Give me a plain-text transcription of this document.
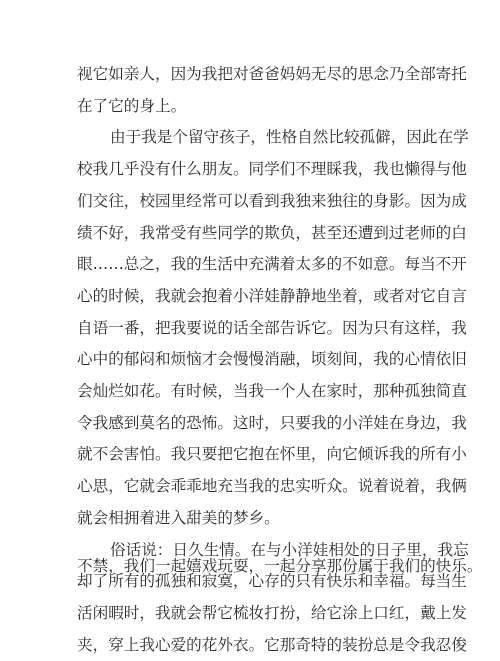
视它如亲人，因为我把对爸爸妈妈无尽的思念乃全部寄托
在了它的身上。
由于我是个留守孩子，性格自然比较孤僻，因此在学
校我几乎没有什么朋友。同学们不理睬我，我也懒得与他
们交往，校园里经常可以看到我独来独往的身影。因为成
绩不好，我常受有些同学的欺负，甚至还遭到过老师的白
眼……总之，我的生活中充满着太多的不如意。每当不开
心的时候，我就会抱着小洋娃静静地坐着，或者对它自言
自语一番，把我要说的话全部告诉它。因为只有这样，我
心中的郁闷和烦恼才会慢慢消融，顷刻间，我的心情依旧
会灿烂如花。有时候，当我一个人在家时，那种孤独简直
令我感到莫名的恐怖。这时，只要我的小洋娃在身边，我
就不会害怕。我只要把它抱在怀里，向它倾诉我的所有小
心思，它就会乖乖地充当我的忠实听众。说着说着，我俩
就会相拥着进入甜美的梦乡。
俗话说：日久生情。在与小洋娃相处的日子里，我忘
却了所有的孤独和寂寞，心存的只有快乐和幸福。每当生
活闲暇时，我就会帮它梳妆打扮，给它涂上口红，戴上发
夹，穿上我心爱的花外衣。它那奇特的装扮总是令我忍俊
不禁，我们一起嬉戏玩耍，一起分享那份属于我们的快乐。
